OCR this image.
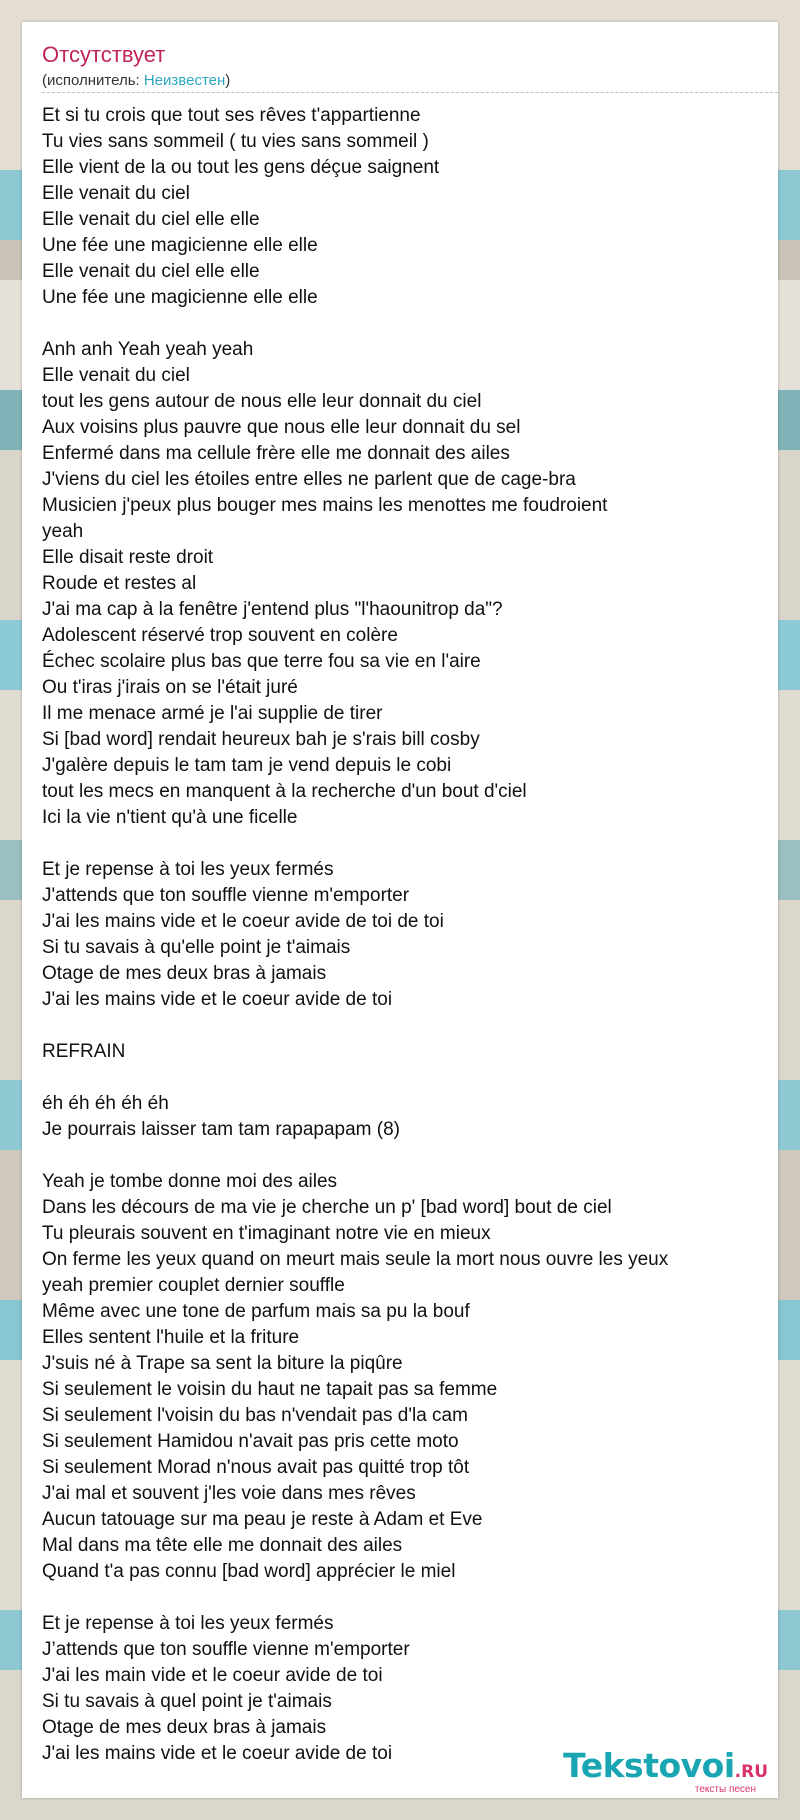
Отсутствует
(исполнитель: Неизвестен)
Et si tu crois que tout ses rêves t'appartienne
Tu vies sans sommeil ( tu vies sans sommeil )
Elle vient de la ou tout les gens déçue saignent
Elle venait du ciel
Elle venait du ciel elle elle
Une fée une magicienne elle elle
Elle venait du ciel elle elle
Une fée une magicienne elle elle
Anh anh Yeah yeah yeah
Elle venait du ciel
tout les gens autour de nous elle leur donnait du ciel
Aux voisins plus pauvre que nous elle leur donnait du sel
Enfermé dans ma cellule frère elle me donnait des ailes
J'viens du ciel les étoiles entre elles ne parlent que de cage-bra
Musicien j'peux plus bouger mes mains les menottes me foudroient
yeah
Elle disait reste droit
Roude et restes al
J'ai ma cap à la fenêtre j'entend plus "l'haounitrop da"?
Adolescent réservé trop souvent en colère
Échec scolaire plus bas que terre fou sa vie en l'aire
Ou t'iras j'irais on se l'était juré
Il me menace armé je l'ai supplie de tirer
Si [bad word] rendait heureux bah je s'rais bill cosby
J'galère depuis le tam tam je vend depuis le cobi
tout les mecs en manquent à la recherche d'un bout d'ciel
Ici la vie n'tient qu'à une ficelle
Et je repense à toi les yeux fermés
J'attends que ton souffle vienne m'emporter
J'ai les mains vide et le coeur avide de toi de toi
Si tu savais à qu'elle point je t'aimais
Otage de mes deux bras à jamais
J'ai les mains vide et le coeur avide de toi
REFRAIN
éh éh éh éh éh
Je pourrais laisser tam tam rapapapam (8)
Yeah je tombe donne moi des ailes
Dans les décours de ma vie je cherche un p' [bad word] bout de ciel
Tu pleurais souvent en t'imaginant notre vie en mieux
On ferme les yeux quand on meurt mais seule la mort nous ouvre les yeux
yeah premier couplet dernier souffle
Même avec une tone de parfum mais sa pu la bouf
Elles sentent l'huile et la friture
J'suis né à Trape sa sent la biture la piqûre
Si seulement le voisin du haut ne tapait pas sa femme
Si seulement l'voisin du bas n'vendait pas d'la cam
Si seulement Hamidou n'avait pas pris cette moto
Si seulement Morad n'nous avait pas quitté trop tôt
J'ai mal et souvent j'les voie dans mes rêves
Aucun tatouage sur ma peau je reste à Adam et Eve
Mal dans ma tête elle me donnait des ailes
Quand t'a pas connu [bad word] apprécier le miel
Et je repense à toi les yeux fermés
J’attends que ton souffle vienne m'emporter
J'ai les main vide et le coeur avide de toi
Si tu savais à quel point je t'aimais
Otage de mes deux bras à jamais
J'ai les mains vide et le coeur avide de toi	Tekstovoi.RU
тексты песен
